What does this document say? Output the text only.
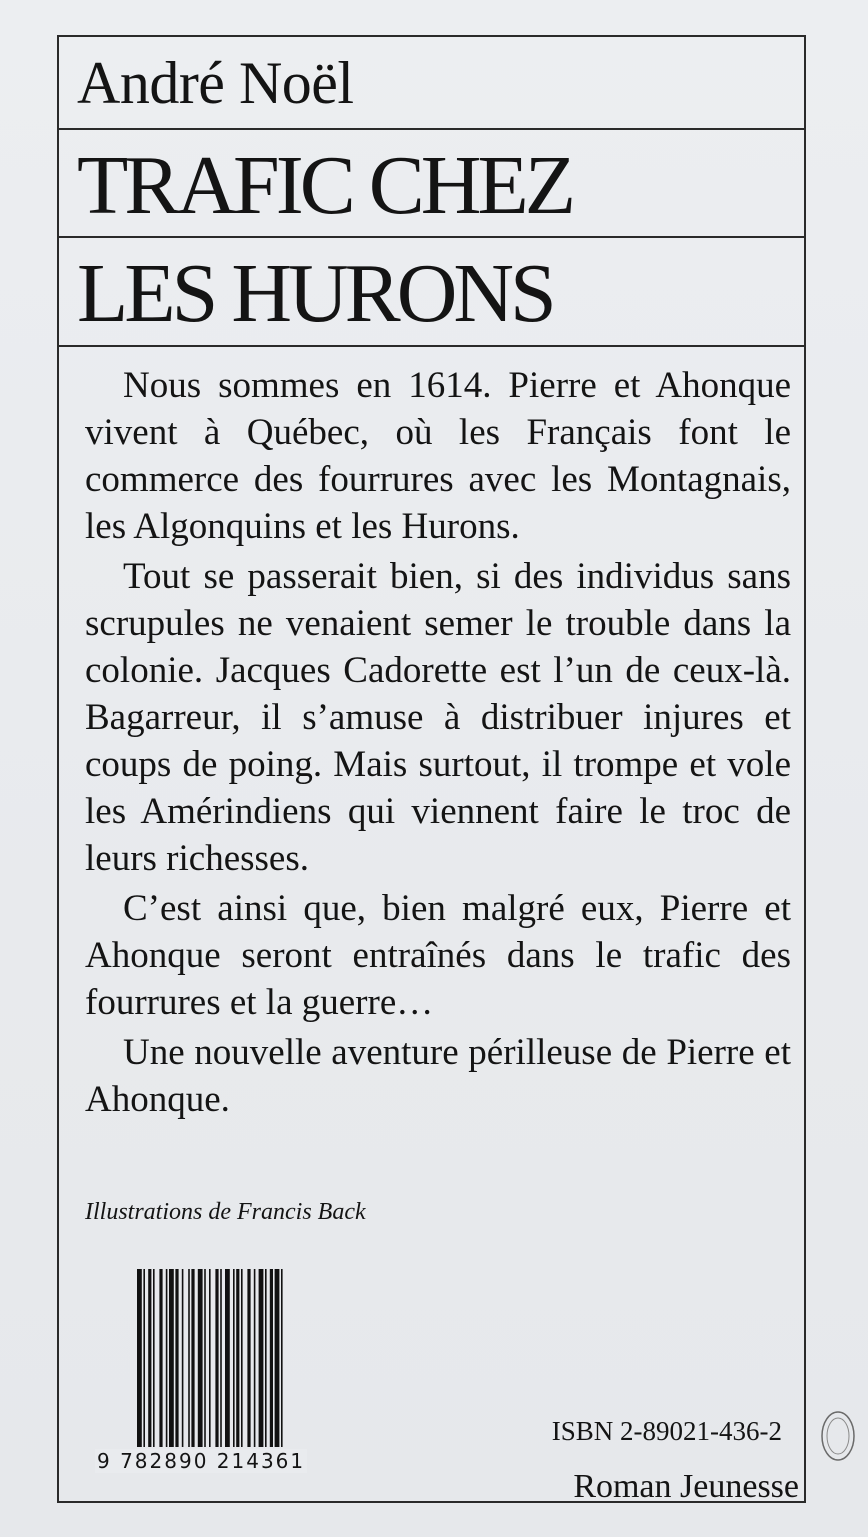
André Noël
TRAFIC CHEZ
LES HURONS

Nous sommes en 1614. Pierre et Ahonque vivent à Québec, où les Français font le commerce des fourrures avec les Montagnais, les Algonquins et les Hurons.

Tout se passerait bien, si des individus sans scrupules ne venaient semer le trouble dans la colonie. Jacques Cadorette est l’un de ceux-là. Bagarreur, il s’amuse à distribuer injures et coups de poing. Mais surtout, il trompe et vole les Amérindiens qui viennent faire le troc de leurs richesses.

C’est ainsi que, bien malgré eux, Pierre et Ahonque seront entraînés dans le trafic des fourrures et la guerre…

Une nouvelle aventure périlleuse de Pierre et Ahonque.

Illustrations de Francis Back
9 782890 214361
ISBN 2-89021-436-2
Roman Jeunesse
